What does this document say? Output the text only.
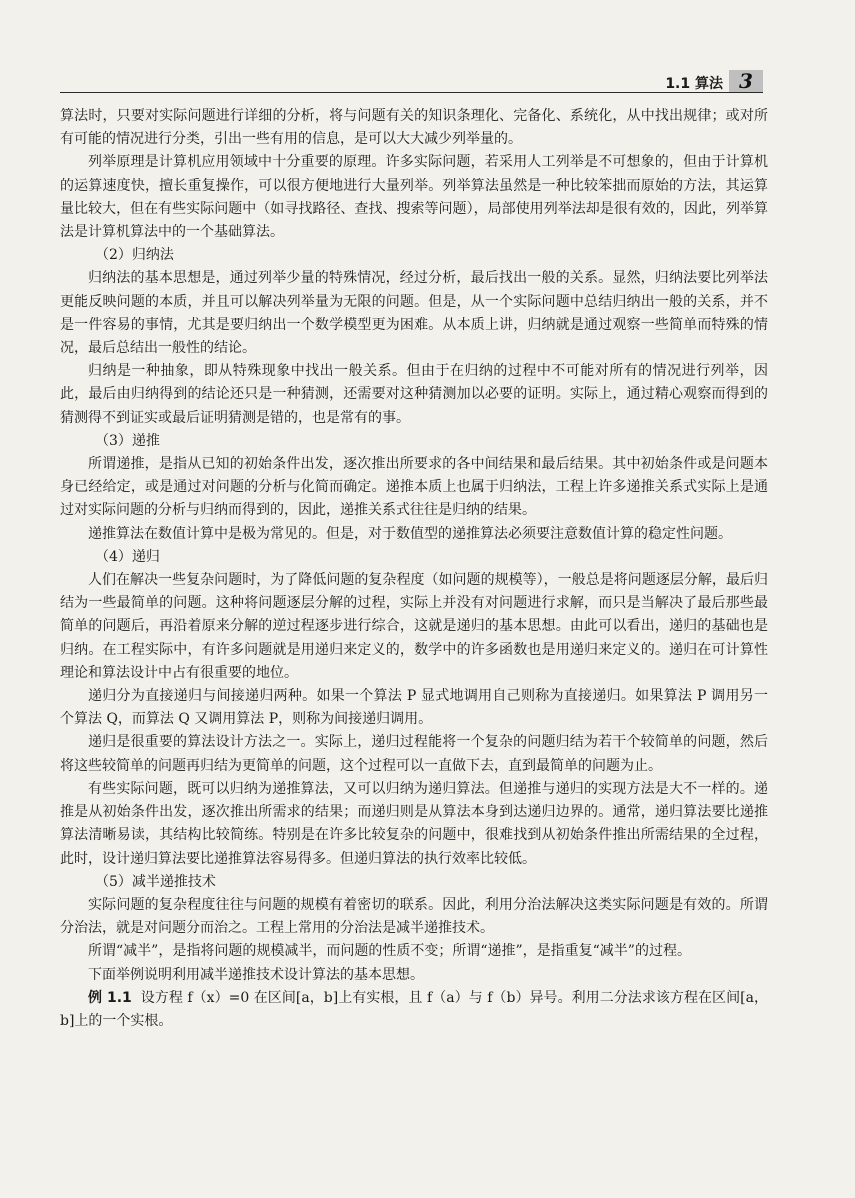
1.1 算法 3

算法时，只要对实际问题进行详细的分析，将与问题有关的知识条理化、完备化、系统化，从中找出规律；或对所有可能的情况进行分类，引出一些有用的信息，是可以大大减少列举量的。

列举原理是计算机应用领域中十分重要的原理。许多实际问题，若采用人工列举是不可想象的，但由于计算机的运算速度快，擅长重复操作，可以很方便地进行大量列举。列举算法虽然是一种比较笨拙而原始的方法，其运算量比较大，但在有些实际问题中（如寻找路径、查找、搜索等问题），局部使用列举法却是很有效的，因此，列举算法是计算机算法中的一个基础算法。

（2）归纳法

归纳法的基本思想是，通过列举少量的特殊情况，经过分析，最后找出一般的关系。显然，归纳法要比列举法更能反映问题的本质，并且可以解决列举量为无限的问题。但是，从一个实际问题中总结归纳出一般的关系，并不是一件容易的事情，尤其是要归纳出一个数学模型更为困难。从本质上讲，归纳就是通过观察一些简单而特殊的情况，最后总结出一般性的结论。

归纳是一种抽象，即从特殊现象中找出一般关系。但由于在归纳的过程中不可能对所有的情况进行列举，因此，最后由归纳得到的结论还只是一种猜测，还需要对这种猜测加以必要的证明。实际上，通过精心观察而得到的猜测得不到证实或最后证明猜测是错的，也是常有的事。

（3）递推

所谓递推，是指从已知的初始条件出发，逐次推出所要求的各中间结果和最后结果。其中初始条件或是问题本身已经给定，或是通过对问题的分析与化简而确定。递推本质上也属于归纳法，工程上许多递推关系式实际上是通过对实际问题的分析与归纳而得到的，因此，递推关系式往往是归纳的结果。

递推算法在数值计算中是极为常见的。但是，对于数值型的递推算法必须要注意数值计算的稳定性问题。

（4）递归

人们在解决一些复杂问题时，为了降低问题的复杂程度（如问题的规模等），一般总是将问题逐层分解，最后归结为一些最简单的问题。这种将问题逐层分解的过程，实际上并没有对问题进行求解，而只是当解决了最后那些最简单的问题后，再沿着原来分解的逆过程逐步进行综合，这就是递归的基本思想。由此可以看出，递归的基础也是归纳。在工程实际中，有许多问题就是用递归来定义的，数学中的许多函数也是用递归来定义的。递归在可计算性理论和算法设计中占有很重要的地位。

递归分为直接递归与间接递归两种。如果一个算法 P 显式地调用自己则称为直接递归。如果算法 P 调用另一个算法 Q，而算法 Q 又调用算法 P，则称为间接递归调用。

递归是很重要的算法设计方法之一。实际上，递归过程能将一个复杂的问题归结为若干个较简单的问题，然后将这些较简单的问题再归结为更简单的问题，这个过程可以一直做下去，直到最简单的问题为止。

有些实际问题，既可以归纳为递推算法，又可以归纳为递归算法。但递推与递归的实现方法是大不一样的。递推是从初始条件出发，逐次推出所需求的结果；而递归则是从算法本身到达递归边界的。通常，递归算法要比递推算法清晰易读，其结构比较简练。特别是在许多比较复杂的问题中，很难找到从初始条件推出所需结果的全过程，此时，设计递归算法要比递推算法容易得多。但递归算法的执行效率比较低。

（5）减半递推技术

实际问题的复杂程度往往与问题的规模有着密切的联系。因此，利用分治法解决这类实际问题是有效的。所谓分治法，就是对问题分而治之。工程上常用的分治法是减半递推技术。

所谓“减半”，是指将问题的规模减半，而问题的性质不变；所谓“递推”，是指重复“减半”的过程。

下面举例说明利用减半递推技术设计算法的基本思想。

例 1.1 设方程 f（x）=0 在区间[a，b]上有实根，且 f（a）与 f（b）异号。利用二分法求该方程在区间[a，b]上的一个实根。
